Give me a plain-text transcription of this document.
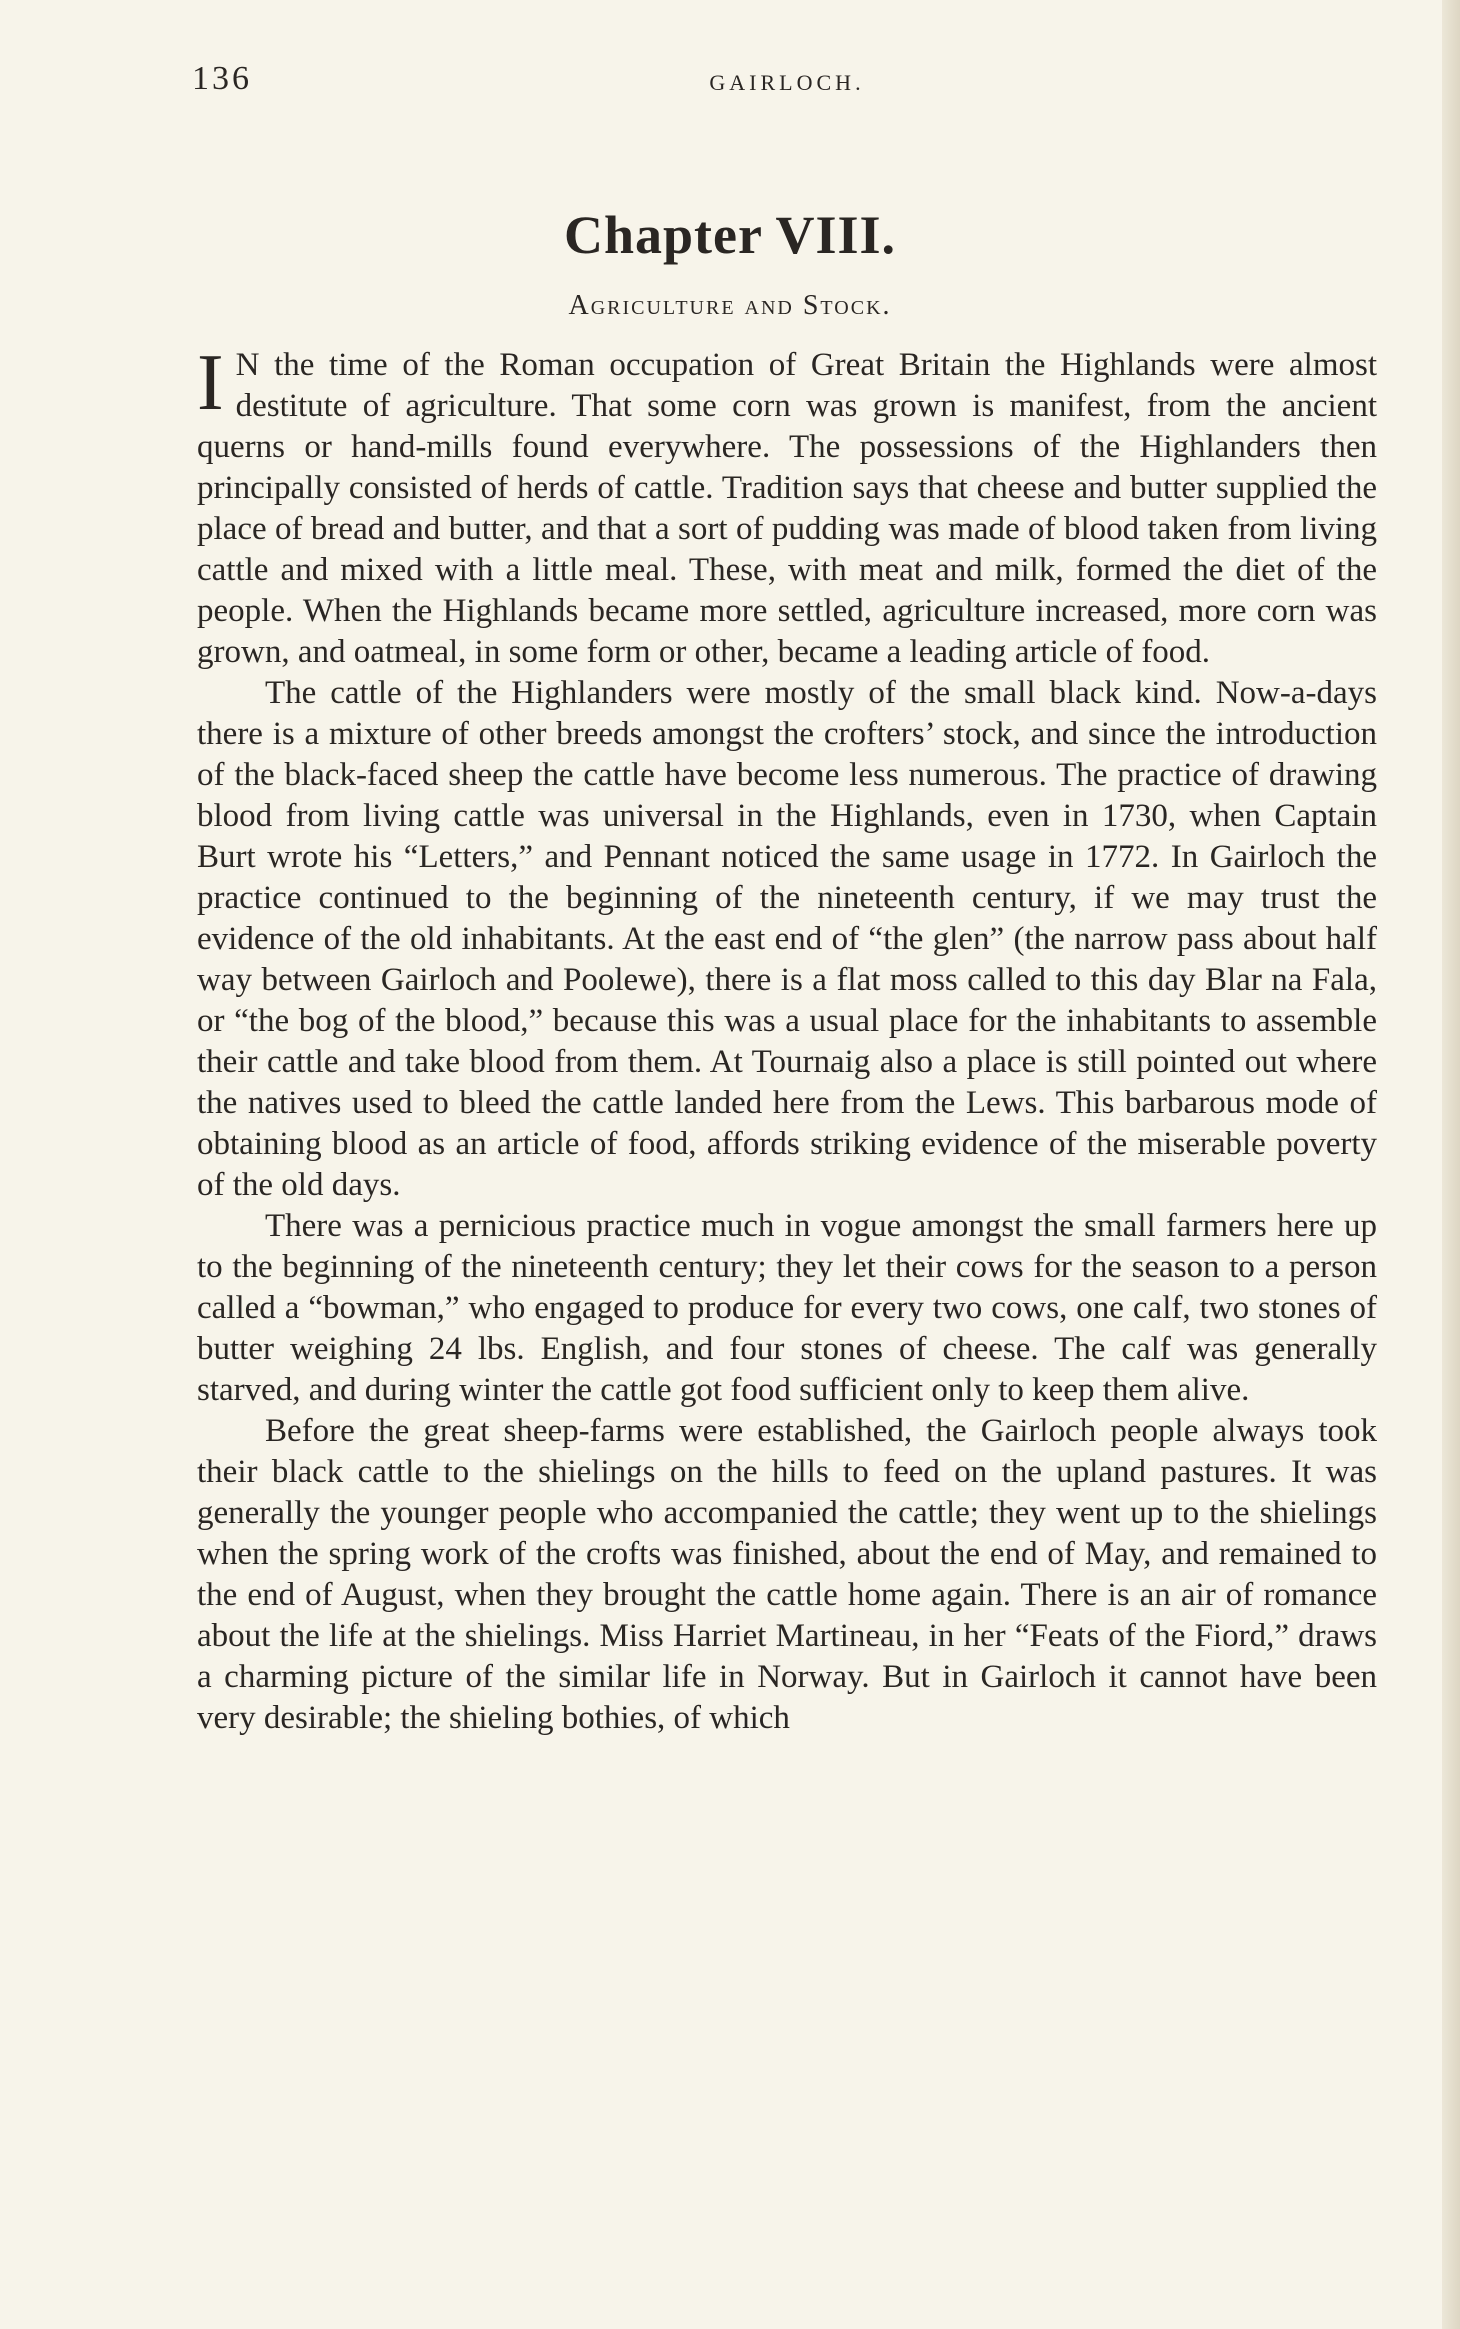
136	GAIRLOCH.
Chapter VIII.
Agriculture and Stock.

I N the time of the Roman occupation of Great Britain the Highlands were almost destitute of agriculture. That some corn was grown is manifest, from the ancient querns or hand-mills found everywhere. The possessions of the Highlanders then principally consisted of herds of cattle. Tradition says that cheese and butter supplied the place of bread and butter, and that a sort of pudding was made of blood taken from living cattle and mixed with a little meal. These, with meat and milk, formed the diet of the people. When the Highlands became more settled, agriculture increased, more corn was grown, and oatmeal, in some form or other, became a leading article of food.

The cattle of the Highlanders were mostly of the small black kind. Now-a-days there is a mixture of other breeds amongst the crofters’ stock, and since the introduction of the black-faced sheep the cattle have become less numerous. The practice of drawing blood from living cattle was universal in the Highlands, even in 1730, when Captain Burt wrote his “Letters,” and Pennant noticed the same usage in 1772. In Gairloch the practice continued to the beginning of the nineteenth century, if we may trust the evidence of the old inhabitants. At the east end of “the glen” (the narrow pass about half way between Gairloch and Poolewe), there is a flat moss called to this day Blar na Fala, or “the bog of the blood,” because this was a usual place for the inhabitants to assemble their cattle and take blood from them. At Tournaig also a place is still pointed out where the natives used to bleed the cattle landed here from the Lews. This barbarous mode of obtaining blood as an article of food, affords striking evidence of the miserable poverty of the old days.

There was a pernicious practice much in vogue amongst the small farmers here up to the beginning of the nineteenth century; they let their cows for the season to a person called a “bowman,” who engaged to produce for every two cows, one calf, two stones of butter weighing 24 lbs. English, and four stones of cheese. The calf was generally starved, and during winter the cattle got food sufficient only to keep them alive.

Before the great sheep-farms were established, the Gairloch people always took their black cattle to the shielings on the hills to feed on the upland pastures. It was generally the younger people who accompanied the cattle; they went up to the shielings when the spring work of the crofts was finished, about the end of May, and remained to the end of August, when they brought the cattle home again. There is an air of romance about the life at the shielings. Miss Harriet Martineau, in her “Feats of the Fiord,” draws a charming picture of the similar life in Norway. But in Gairloch it cannot have been very desirable; the shieling bothies, of which
